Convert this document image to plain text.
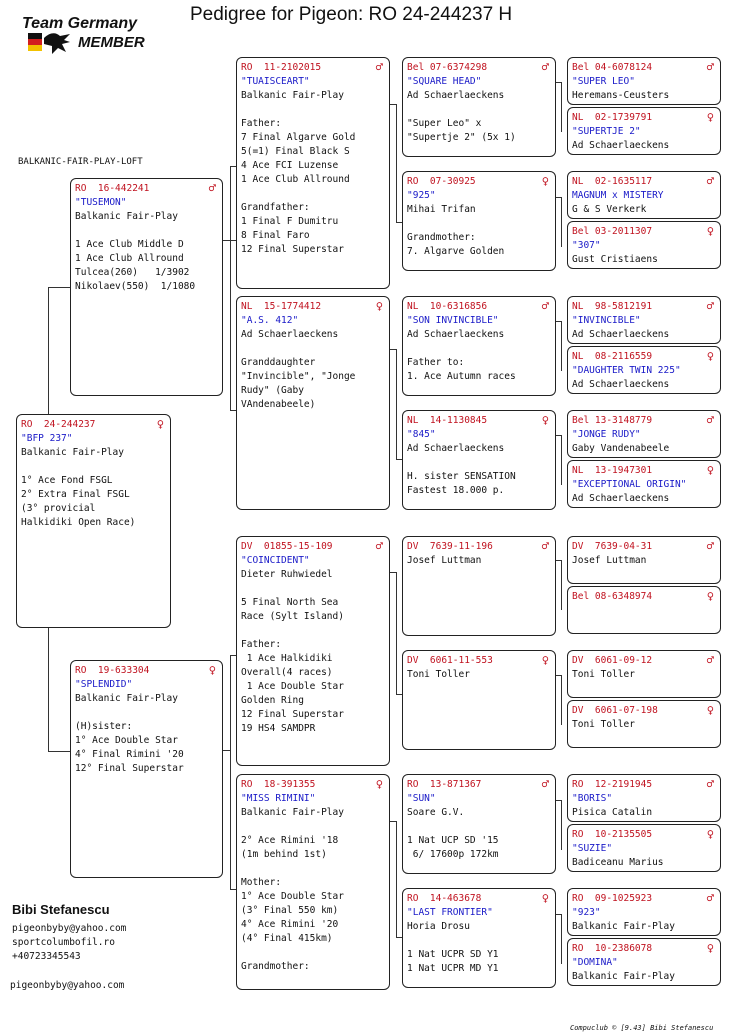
Pedigree for Pigeon: RO 24-244237 H
Team Germany
MEMBER
BALKANIC-FAIR-PLAY-LOFT
RO  24-244237	♀
"BFP 237"
Balkanic Fair-Play
1° Ace Fond FSGL
2° Extra Final FSGL
(3° provicial
Halkidiki Open Race)
RO  16-442241	♂
"TUSEMON"
Balkanic Fair-Play
1 Ace Club Middle D
1 Ace Club Allround
Tulcea(260)   1/3902
Nikolaev(550)  1/1080
RO  19-633304	♀
"SPLENDID"
Balkanic Fair-Play
(H)sister:
1° Ace Double Star
4° Final Rimini '20
12° Final Superstar
RO  11-2102015	♂
"TUAISCEART"
Balkanic Fair-Play
Father:
7 Final Algarve Gold
5(=1) Final Black S
4 Ace FCI Luzense
1 Ace Club Allround
Grandfather:
1 Final F Dumitru
8 Final Faro
12 Final Superstar
NL  15-1774412	♀
"A.S. 412"
Ad Schaerlaeckens
Granddaughter
"Invincible", "Jonge
Rudy" (Gaby
VAndenabeele)
DV  01855-15-109	♂
"COINCIDENT"
Dieter Ruhwiedel
5 Final North Sea
Race (Sylt Island)
Father:
1 Ace Halkidiki
Overall(4 races)
1 Ace Double Star
Golden Ring
12 Final Superstar
19 HS4 SAMDPR
RO  18-391355	♀
"MISS RIMINI"
Balkanic Fair-Play
2° Ace Rimini '18
(1m behind 1st)
Mother:
1° Ace Double Star
(3° Final 550 km)
4° Ace Rimini '20
(4° Final 415km)
Grandmother:
Bel 07-6374298	♂
"SQUARE HEAD"
Ad Schaerlaeckens
"Super Leo" x
"Supertje 2" (5x 1)
RO  07-30925	♀
"925"
Mihai Trifan
Grandmother:
7. Algarve Golden
NL  10-6316856	♂
"SON INVINCIBLE"
Ad Schaerlaeckens
Father to:
1. Ace Autumn races
NL  14-1130845	♀
"845"
Ad Schaerlaeckens
H. sister SENSATION
Fastest 18.000 p.
DV  7639-11-196	♂
Josef Luttman
DV  6061-11-553	♀
Toni Toller
RO  13-871367	♂
"SUN"
Soare G.V.
1 Nat UCP SD '15
6/ 17600p 172km
RO  14-463678	♀
"LAST FRONTIER"
Horia Drosu
1 Nat UCPR SD Y1
1 Nat UCPR MD Y1
Bel 04-6078124	♂
"SUPER LEO"
Heremans-Ceusters
NL  02-1739791	♀
"SUPERTJE 2"
Ad Schaerlaeckens
NL  02-1635117	♂
MAGNUM x MISTERY
G & S Verkerk
Bel 03-2011307	♀
"307"
Gust Cristiaens
NL  98-5812191	♂
"INVINCIBLE"
Ad Schaerlaeckens
NL  08-2116559	♀
"DAUGHTER TWIN 225"
Ad Schaerlaeckens
Bel 13-3148779	♂
"JONGE RUDY"
Gaby Vandenabeele
NL  13-1947301	♀
"EXCEPTIONAL ORIGIN"
Ad Schaerlaeckens
DV  7639-04-31	♂
Josef Luttman
Bel 08-6348974	♀
DV  6061-09-12	♂
Toni Toller
DV  6061-07-198	♀
Toni Toller
RO  12-2191945	♂
"BORIS"
Pisica Catalin
RO  10-2135505	♀
"SUZIE"
Badiceanu Marius
RO  09-1025923	♂
"923"
Balkanic Fair-Play
RO  10-2386078	♀
"DOMINA"
Balkanic Fair-Play
Bibi Stefanescu
pigeonbyby@yahoo.com
sportcolumbofil.ro
+40723345543
pigeonbyby@yahoo.com
Compuclub © [9.43] Bibi Stefanescu
